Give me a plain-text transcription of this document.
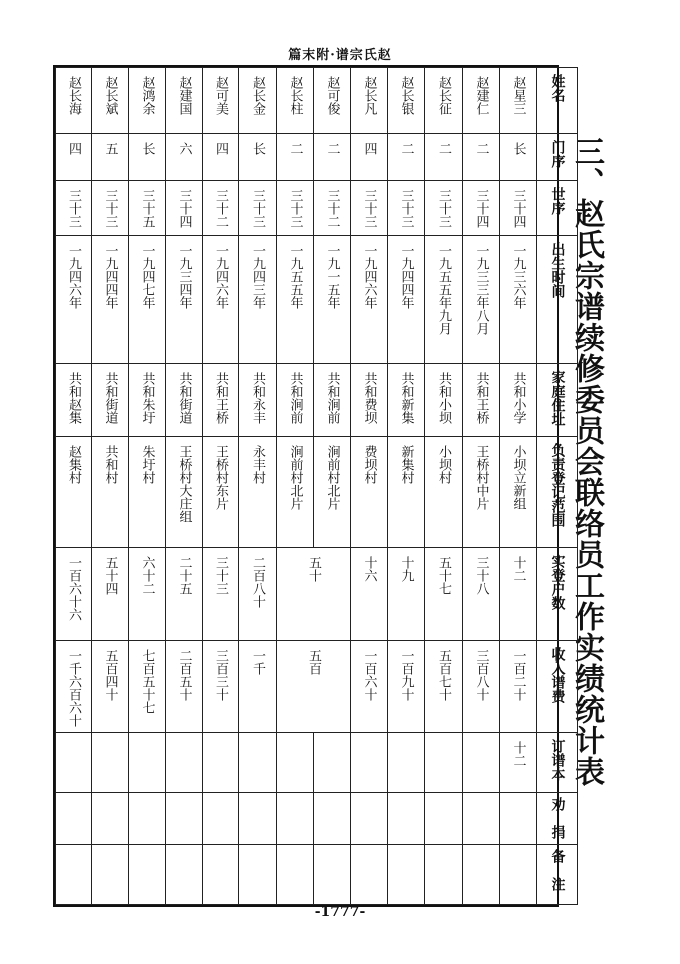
篇末附·谱宗氏赵
三、赵氏宗谱续修委员会联络员工作实绩统计表
赵长海	赵长斌	赵鸿余	赵建国	赵可美	赵长金	赵长柱	赵可俊	赵长凡	赵长银	赵长征	赵建仁	赵星三	姓名
四	五	长	六	四	长	二	二	四	二	二	二	长	门序
三十三	三十三	三十五	三十四	三十二	三十三	三十三	三十二	三十三	三十三	三十三	三十四	三十四	世序
一九四六年	一九四四年	一九四七年	一九三四年	一九四六年	一九四三年	一九五五年	一九一五年	一九四六年	一九四四年	一九五五年九月	一九三三年八月	一九三六年	出生时间
共和赵集	共和街道	共和朱圩	共和街道	共和王桥	共和永丰	共和涧前	共和涧前	共和费坝	共和新集	共和小坝	共和王桥	共和小学	家庭住址
赵集村	共和村	朱圩村	王桥村大庄组	王桥村东片	永丰村	涧前村北片	涧前村北片	费坝村	新集村	小坝村	王桥村中片	小坝立新组	负责登记范围
一百六十六	五十四	六十二	二十五	三十三	二百八十	五十		十六	十九	五十七	三十八	十二	实登户数
一千六百六十	五百四十	七百五十七	二百五十	三百三十	一千	五百		一百六十	一百九十	五百七十	三百八十	一百二十	收入谱费
												十二	订谱本
													劝　捐
													备　注
-1777-
